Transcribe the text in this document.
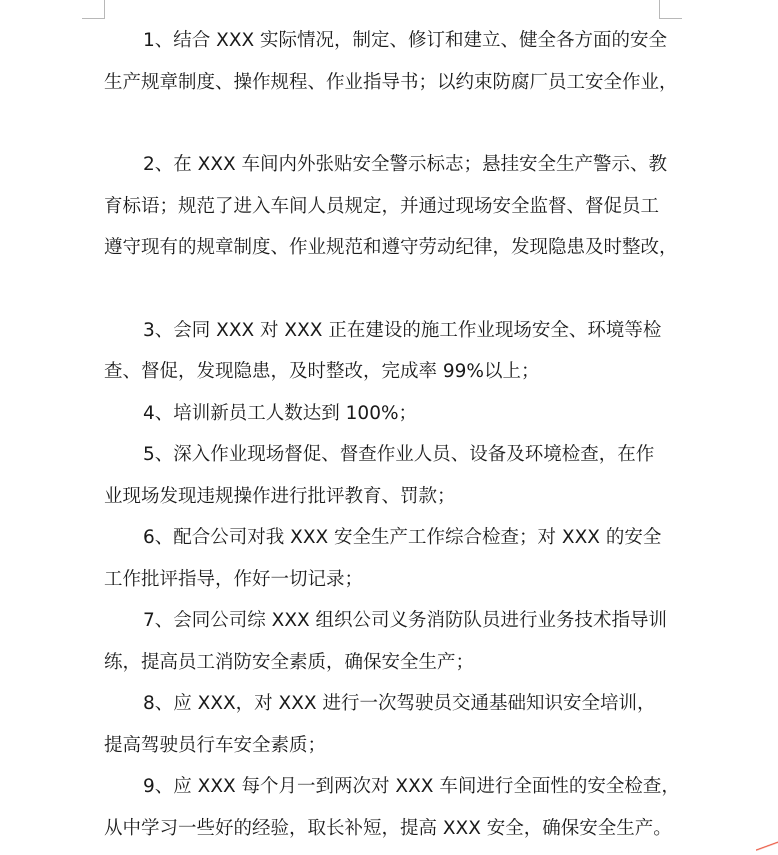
1、结合 XXX 实际情况，制定、修订和建立、健全各方面的安全
生产规章制度、操作规程、作业指导书；以约束防腐厂员工安全作业，

2、在 XXX 车间内外张贴安全警示标志；悬挂安全生产警示、教
育标语；规范了进入车间人员规定，并通过现场安全监督、督促员工
遵守现有的规章制度、作业规范和遵守劳动纪律，发现隐患及时整改，

3、会同 XXX 对 XXX 正在建设的施工作业现场安全、环境等检
查、督促，发现隐患，及时整改，完成率 99%以上；

4、培训新员工人数达到 100%；

5、深入作业现场督促、督查作业人员、设备及环境检查，在作
业现场发现违规操作进行批评教育、罚款；

6、配合公司对我 XXX 安全生产工作综合检查；对 XXX 的安全
工作批评指导，作好一切记录；

7、会同公司综 XXX 组织公司义务消防队员进行业务技术指导训
练，提高员工消防安全素质，确保安全生产；

8、应 XXX，对 XXX 进行一次驾驶员交通基础知识安全培训，
提高驾驶员行车安全素质；

9、应 XXX 每个月一到两次对 XXX 车间进行全面性的安全检查，
从中学习一些好的经验，取长补短，提高 XXX 安全，确保安全生产。
